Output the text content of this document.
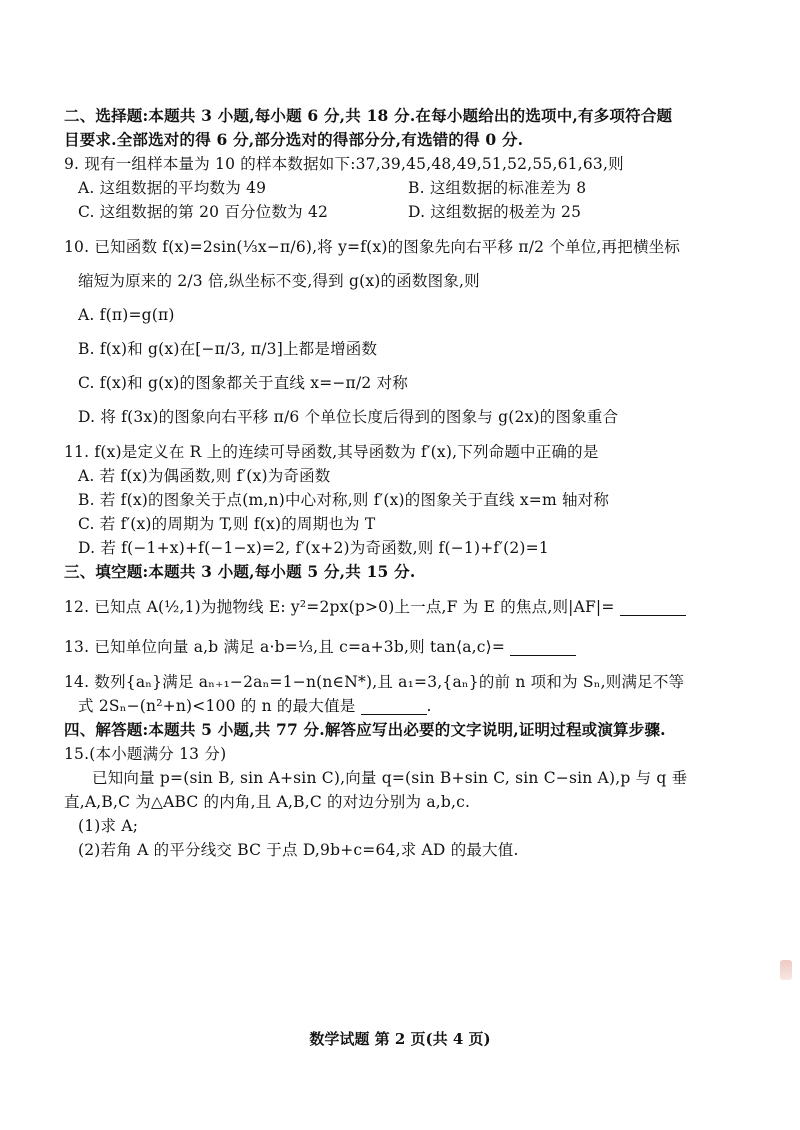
二、选择题:本题共 3 小题,每小题 6 分,共 18 分.在每小题给出的选项中,有多项符合题
目要求.全部选对的得 6 分,部分选对的得部分分,有选错的得 0 分.
9. 现有一组样本量为 10 的样本数据如下:37,39,45,48,49,51,52,55,61,63,则
A. 这组数据的平均数为 49	B. 这组数据的标准差为 8
C. 这组数据的第 20 百分位数为 42	D. 这组数据的极差为 25
10. 已知函数 f(x)=2sin(⅓x−π/6),将 y=f(x)的图象先向右平移 π/2 个单位,再把横坐标
缩短为原来的 2/3 倍,纵坐标不变,得到 g(x)的函数图象,则
A. f(π)=g(π)
B. f(x)和 g(x)在[−π/3, π/3]上都是增函数
C. f(x)和 g(x)的图象都关于直线 x=−π/2 对称
D. 将 f(3x)的图象向右平移 π/6 个单位长度后得到的图象与 g(2x)的图象重合
11. f(x)是定义在 R 上的连续可导函数,其导函数为 f′(x),下列命题中正确的是
A. 若 f(x)为偶函数,则 f′(x)为奇函数
B. 若 f(x)的图象关于点(m,n)中心对称,则 f′(x)的图象关于直线 x=m 轴对称
C. 若 f′(x)的周期为 T,则 f(x)的周期也为 T
D. 若 f(−1+x)+f(−1−x)=2, f′(x+2)为奇函数,则 f(−1)+f′(2)=1
三、填空题:本题共 3 小题,每小题 5 分,共 15 分.
12. 已知点 A(½,1)为抛物线 E: y²=2px(p>0)上一点,F 为 E 的焦点,则|AF|=
13. 已知单位向量 a,b 满足 a·b=⅓,且 c=a+3b,则 tan⟨a,c⟩=
14. 数列{aₙ}满足 aₙ₊₁−2aₙ=1−n(n∈N*),且 a₁=3,{aₙ}的前 n 项和为 Sₙ,则满足不等
式 2Sₙ−(n²+n)<100 的 n 的最大值是	.
四、解答题:本题共 5 小题,共 77 分.解答应写出必要的文字说明,证明过程或演算步骤.
15.(本小题满分 13 分)
已知向量 p=(sin B, sin A+sin C),向量 q=(sin B+sin C, sin C−sin A),p 与 q 垂
直,A,B,C 为△ABC 的内角,且 A,B,C 的对边分别为 a,b,c.
(1)求 A;
(2)若角 A 的平分线交 BC 于点 D,9b+c=64,求 AD 的最大值.
数学试题 第 2 页(共 4 页)
